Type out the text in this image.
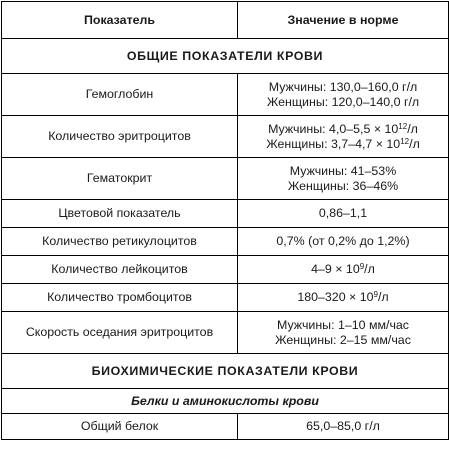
Показатель	Значение в норме
ОБЩИЕ ПОКАЗАТЕЛИ КРОВИ	
Гемоглобин	Мужчины: 130,0–160,0 г/л
Женщины: 120,0–140,0 г/л

Количество эритроцитов	Мужчины: $4,0-5,5 \times 10^{12}/л$
Женщины: $3,7-4,7 \times 10^{12}/л$

Гематокрит	Мужчины: 41–53%
Женщины: 36–46%

Цветовой показатель	0,86–1,1
Количество ретикулоцитов	0,7% (от 0,2% до 1,2%)
Количество лейкоцитов	$4-9 \times 10^9/л$
Количество тромбоцитов	$180-320 \times 10^9/л$
Скорость оседания эритроцитов	Мужчины: 1–10 мм/час
Женщины: 2–15 мм/час

БИОХИМИЧЕСКИЕ ПОКАЗАТЕЛИ КРОВИ	
Белки и аминокислоты крови	
Общий белок	65,0–85,0 г/л
